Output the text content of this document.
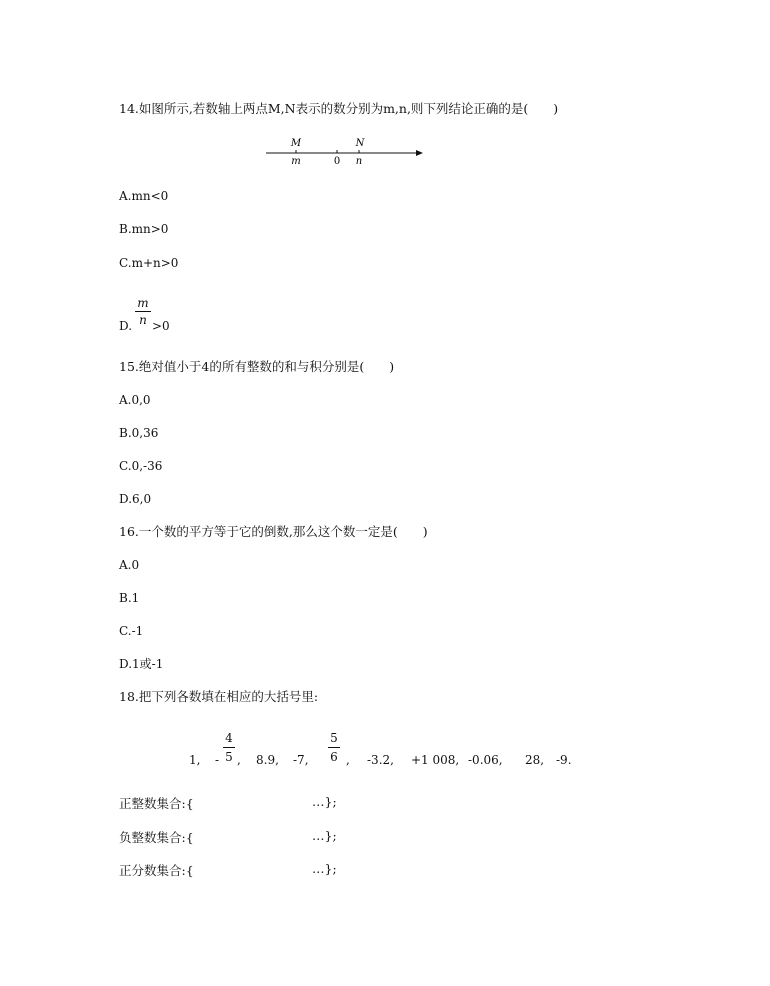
14.如图所示,若数轴上两点M,N表示的数分别为m,n,则下列结论正确的是(　　)
M	N
m	0 n
A.mn<0
B.mn>0
C.m+n>0
D.
m
n >0
15.绝对值小于4的所有整数的和与积分别是(　　)
A.0,0
B.0,36
C.0,-36
D.6,0
16.一个数的平方等于它的倒数,那么这个数一定是(　　)
A.0
B.1
C.-1
D.1或-1
18.把下列各数填在相应的大括号里:
1, -
4
5 , 8.9, -7,
5
6 , -3.2, +1 008, -0.06, 28, -9.
正整数集合:{	…};
负整数集合:{	…};
正分数集合:{	…};
